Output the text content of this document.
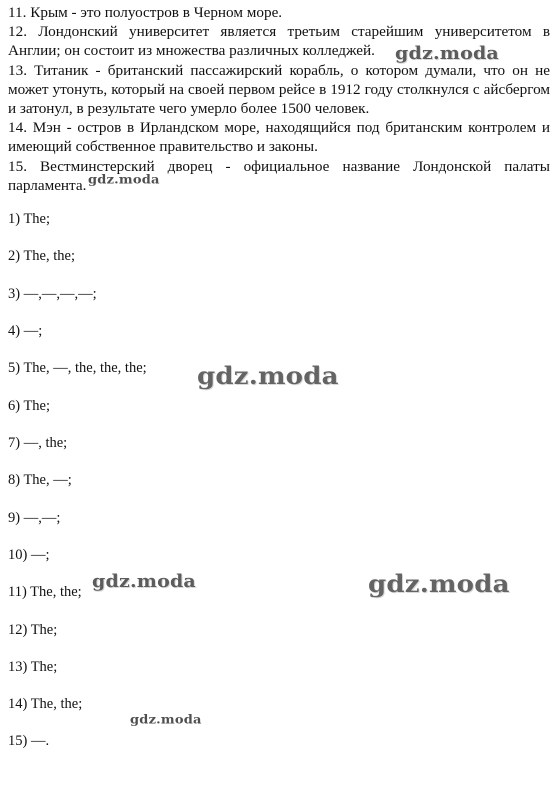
11. Крым - это полуостров в Черном море.

12. Лондонский университет является третьим старейшим университетом в Англии; он состоит из множества различных колледжей.

13. Титаник - британский пассажирский корабль, о котором думали, что он не может утонуть, который на своей первом рейсе в 1912 году столкнулся с айсбергом и затонул, в результате чего умерло более 1500 человек.

14. Мэн - остров в Ирландском море, находящийся под британским контролем и имеющий собственное правительство и законы.

15. Вестминстерский дворец - официальное название Лондонской палаты парламента.

1) The;
2) The, the;
3) —,—,—,—;
4) —;
5) The, —, the, the, the;
6) The;
7) —, the;
8) The, —;
9) —,—;
10) —;
11) The, the;
12) The;
13) The;
14) The, the;
15) —.
gdz.moda
gdz.moda
gdz.moda
gdz.moda	gdz.moda
gdz.moda
